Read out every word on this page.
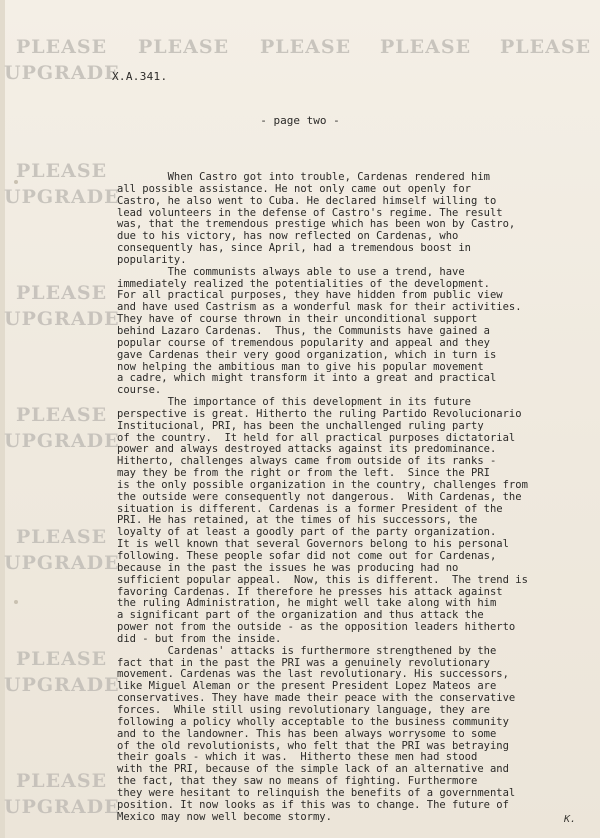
PLEASE PLEASE PLEASE PLEASE PLEASE
UPGRADE
PLEASE
UPGRADE
PLEASE
UPGRADE
PLEASE
UPGRADE
PLEASE
UPGRADE
PLEASE
UPGRADE
PLEASE
UPGRADE
X.A.341.
- page two -
When Castro got into trouble, Cardenas rendered him
all possible assistance. He not only came out openly for
Castro, he also went to Cuba. He declared himself willing to
lead volunteers in the defense of Castro's regime. The result
was, that the tremendous prestige which has been won by Castro,
due to his victory, has now reflected on Cardenas, who
consequently has, since April, had a tremendous boost in
popularity.
The communists always able to use a trend, have
immediately realized the potentialities of the development.
For all practical purposes, they have hidden from public view
and have used Castrism as a wonderful mask for their activities.
They have of course thrown in their unconditional support
behind Lazaro Cardenas.  Thus, the Communists have gained a
popular course of tremendous popularity and appeal and they
gave Cardenas their very good organization, which in turn is
now helping the ambitious man to give his popular movement
a cadre, which might transform it into a great and practical
course.
The importance of this development in its future
perspective is great. Hitherto the ruling Partido Revolucionario
Institucional, PRI, has been the unchallenged ruling party
of the country.  It held for all practical purposes dictatorial
power and always destroyed attacks against its predominance.
Hitherto, challenges always came from outside of its ranks -
may they be from the right or from the left.  Since the PRI
is the only possible organization in the country, challenges from
the outside were consequently not dangerous.  With Cardenas, the
situation is different. Cardenas is a former President of the
PRI. He has retained, at the times of his successors, the
loyalty of at least a goodly part of the party organization.
It is well known that several Governors belong to his personal
following. These people sofar did not come out for Cardenas,
because in the past the issues he was producing had no
sufficient popular appeal.  Now, this is different.  The trend is
favoring Cardenas. If therefore he presses his attack against
the ruling Administration, he might well take along with him
a significant part of the organization and thus attack the
power not from the outside - as the opposition leaders hitherto
did - but from the inside.
Cardenas' attacks is furthermore strengthened by the
fact that in the past the PRI was a genuinely revolutionary
movement. Cardenas was the last revolutionary. His successors,
like Miguel Aleman or the present President Lopez Mateos are
conservatives. They have made their peace with the conservative
forces.  While still using revolutionary language, they are
following a policy wholly acceptable to the business community
and to the landowner. This has been always worrysome to some
of the old revolutionists, who felt that the PRI was betraying
their goals - which it was.  Hitherto these men had stood
with the PRI, because of the simple lack of an alternative and
the fact, that they saw no means of fighting. Furthermore
they were hesitant to relinquish the benefits of a governmental
position. It now looks as if this was to change. The future of
Mexico may now well become stormy.	K.
